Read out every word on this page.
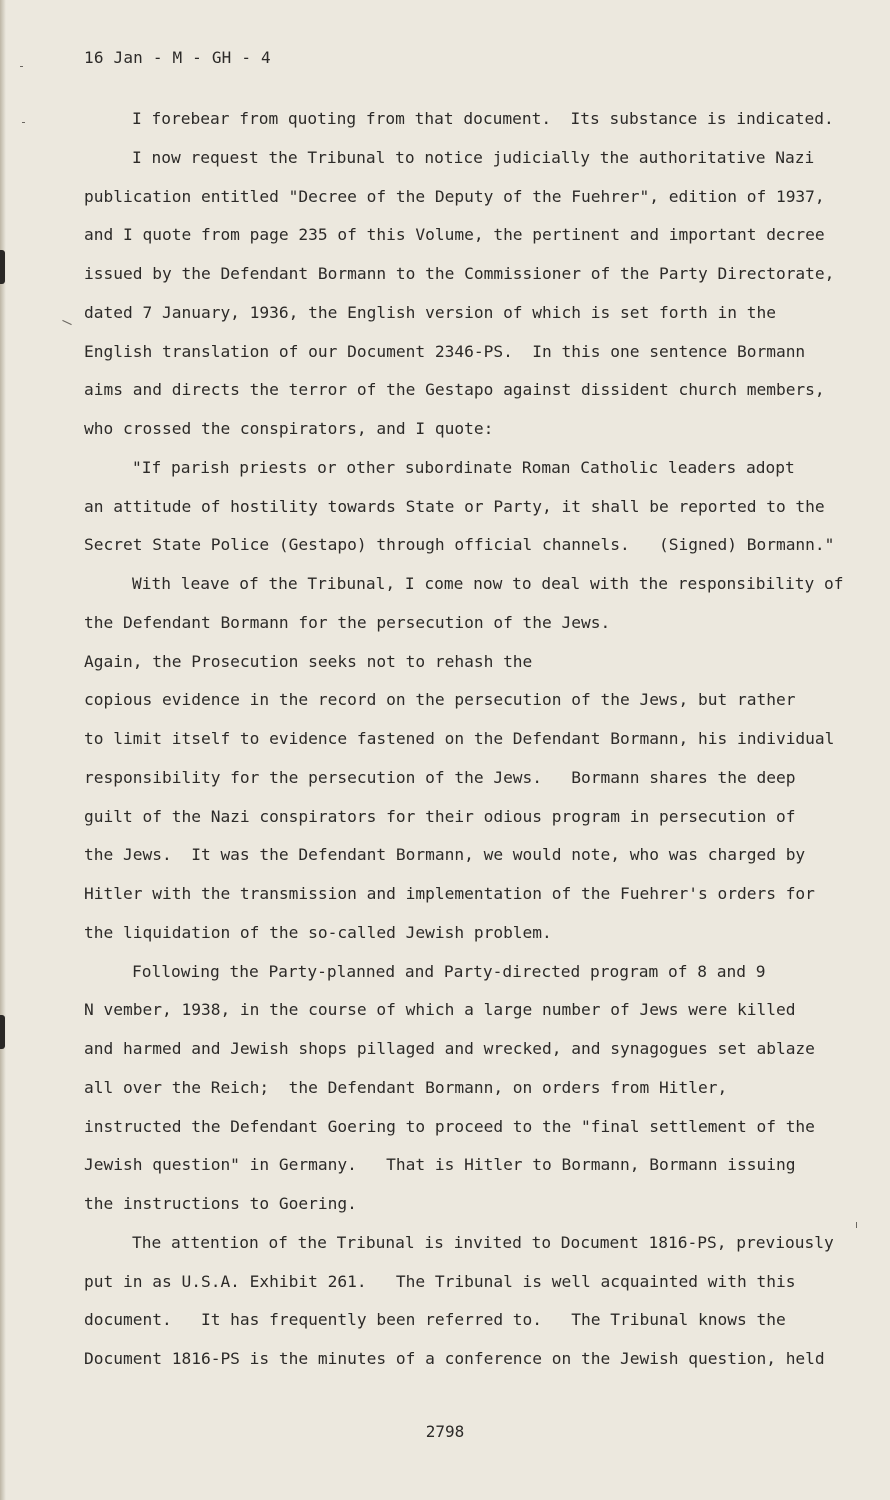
16 Jan - M - GH - 4
I forebear from quoting from that document.  Its substance is indicated.
I now request the Tribunal to notice judicially the authoritative Nazi
publication entitled "Decree of the Deputy of the Fuehrer", edition of 1937,
and I quote from page 235 of this Volume, the pertinent and important decree
issued by the Defendant Bormann to the Commissioner of the Party Directorate,
dated 7 January, 1936, the English version of which is set forth in the
English translation of our Document 2346-PS.  In this one sentence Bormann
aims and directs the terror of the Gestapo against dissident church members,
who crossed the conspirators, and I quote:
"If parish priests or other subordinate Roman Catholic leaders adopt
an attitude of hostility towards State or Party, it shall be reported to the
Secret State Police (Gestapo) through official channels.   (Signed) Bormann."
With leave of the Tribunal, I come now to deal with the responsibility of
the Defendant Bormann for the persecution of the Jews.
Again, the Prosecution seeks not to rehash the
copious evidence in the record on the persecution of the Jews, but rather
to limit itself to evidence fastened on the Defendant Bormann, his individual
responsibility for the persecution of the Jews.   Bormann shares the deep
guilt of the Nazi conspirators for their odious program in persecution of
the Jews.  It was the Defendant Bormann, we would note, who was charged by
Hitler with the transmission and implementation of the Fuehrer's orders for
the liquidation of the so-called Jewish problem.
Following the Party-planned and Party-directed program of 8 and 9
N vember, 1938, in the course of which a large number of Jews were killed
and harmed and Jewish shops pillaged and wrecked, and synagogues set ablaze
all over the Reich;  the Defendant Bormann, on orders from Hitler,
instructed the Defendant Goering to proceed to the "final settlement of the
Jewish question" in Germany.   That is Hitler to Bormann, Bormann issuing
the instructions to Goering.
The attention of the Tribunal is invited to Document 1816-PS, previously
put in as U.S.A. Exhibit 261.   The Tribunal is well acquainted with this
document.   It has frequently been referred to.   The Tribunal knows the
Document 1816-PS is the minutes of a conference on the Jewish question, held
2798
